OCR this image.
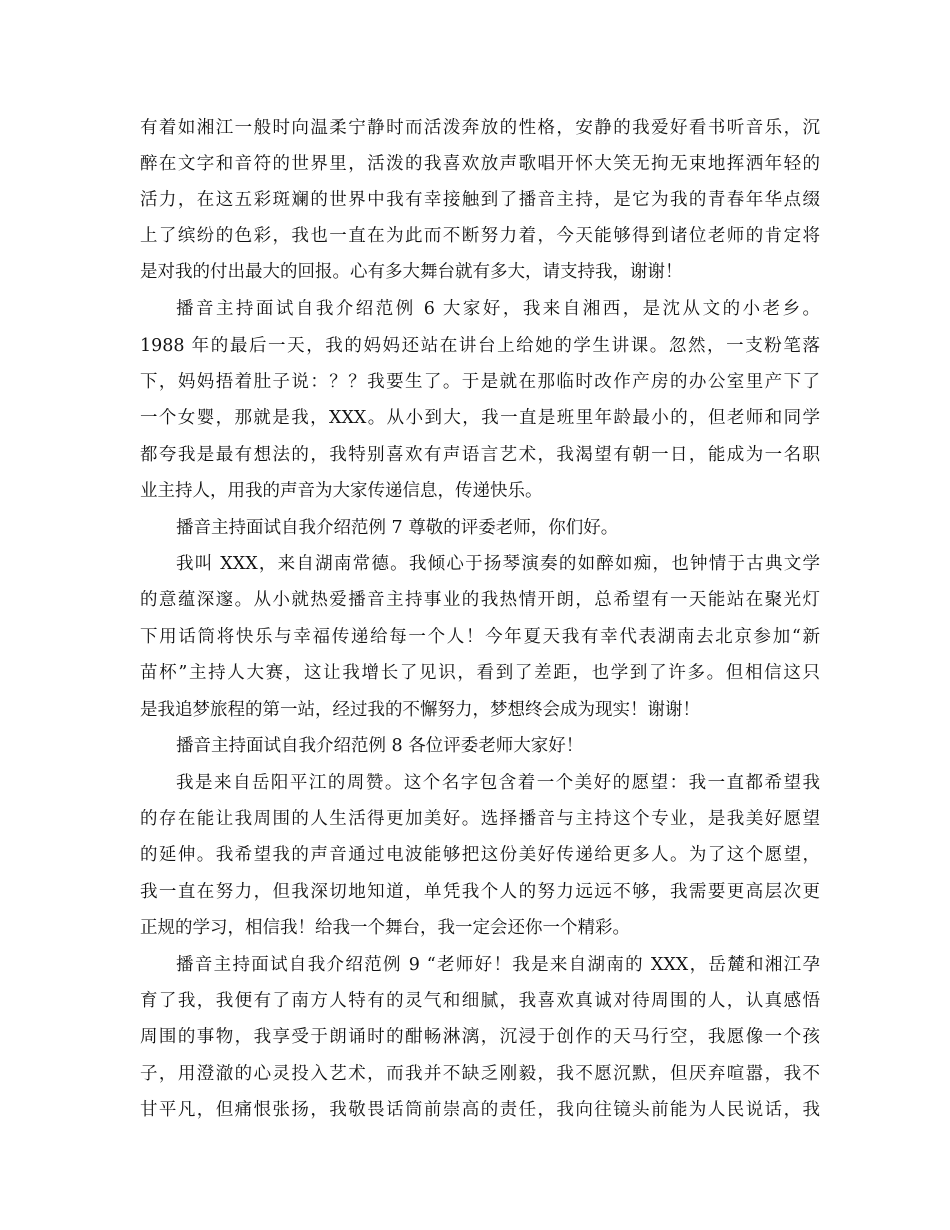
有着如湘江一般时向温柔宁静时而活泼奔放的性格，安静的我爱好看书听音乐，沉
醉在文字和音符的世界里，活泼的我喜欢放声歌唱开怀大笑无拘无束地挥洒年轻的
活力，在这五彩斑斓的世界中我有幸接触到了播音主持，是它为我的青春年华点缀
上了缤纷的色彩，我也一直在为此而不断努力着，今天能够得到诸位老师的肯定将
是对我的付出最大的回报。心有多大舞台就有多大，请支持我，谢谢！
播音主持面试自我介绍范例 6 大家好，我来自湘西，是沈从文的小老乡。
1988 年的最后一天，我的妈妈还站在讲台上给她的学生讲课。忽然，一支粉笔落
下，妈妈捂着肚子说：？？我要生了。于是就在那临时改作产房的办公室里产下了
一个女婴，那就是我，XXX。从小到大，我一直是班里年龄最小的，但老师和同学
都夸我是最有想法的，我特别喜欢有声语言艺术，我渴望有朝一日，能成为一名职
业主持人，用我的声音为大家传递信息，传递快乐。
播音主持面试自我介绍范例 7 尊敬的评委老师，你们好。
我叫 XXX，来自湖南常德。我倾心于扬琴演奏的如醉如痴，也钟情于古典文学
的意蕴深邃。从小就热爱播音主持事业的我热情开朗，总希望有一天能站在聚光灯
下用话筒将快乐与幸福传递给每一个人！今年夏天我有幸代表湖南去北京参加“新
苗杯”主持人大赛，这让我增长了见识，看到了差距，也学到了许多。但相信这只
是我追梦旅程的第一站，经过我的不懈努力，梦想终会成为现实！谢谢！
播音主持面试自我介绍范例 8 各位评委老师大家好！
我是来自岳阳平江的周赞。这个名字包含着一个美好的愿望：我一直都希望我
的存在能让我周围的人生活得更加美好。选择播音与主持这个专业，是我美好愿望
的延伸。我希望我的声音通过电波能够把这份美好传递给更多人。为了这个愿望，
我一直在努力，但我深切地知道，单凭我个人的努力远远不够，我需要更高层次更
正规的学习，相信我！给我一个舞台，我一定会还你一个精彩。
播音主持面试自我介绍范例 9 “老师好！我是来自湖南的 XXX，岳麓和湘江孕
育了我，我便有了南方人特有的灵气和细腻，我喜欢真诚对待周围的人，认真感悟
周围的事物，我享受于朗诵时的酣畅淋漓，沉浸于创作的天马行空，我愿像一个孩
子，用澄澈的心灵投入艺术，而我并不缺乏刚毅，我不愿沉默，但厌弃喧嚣，我不
甘平凡，但痛恨张扬，我敬畏话筒前崇高的责任，我向往镜头前能为人民说话，我
